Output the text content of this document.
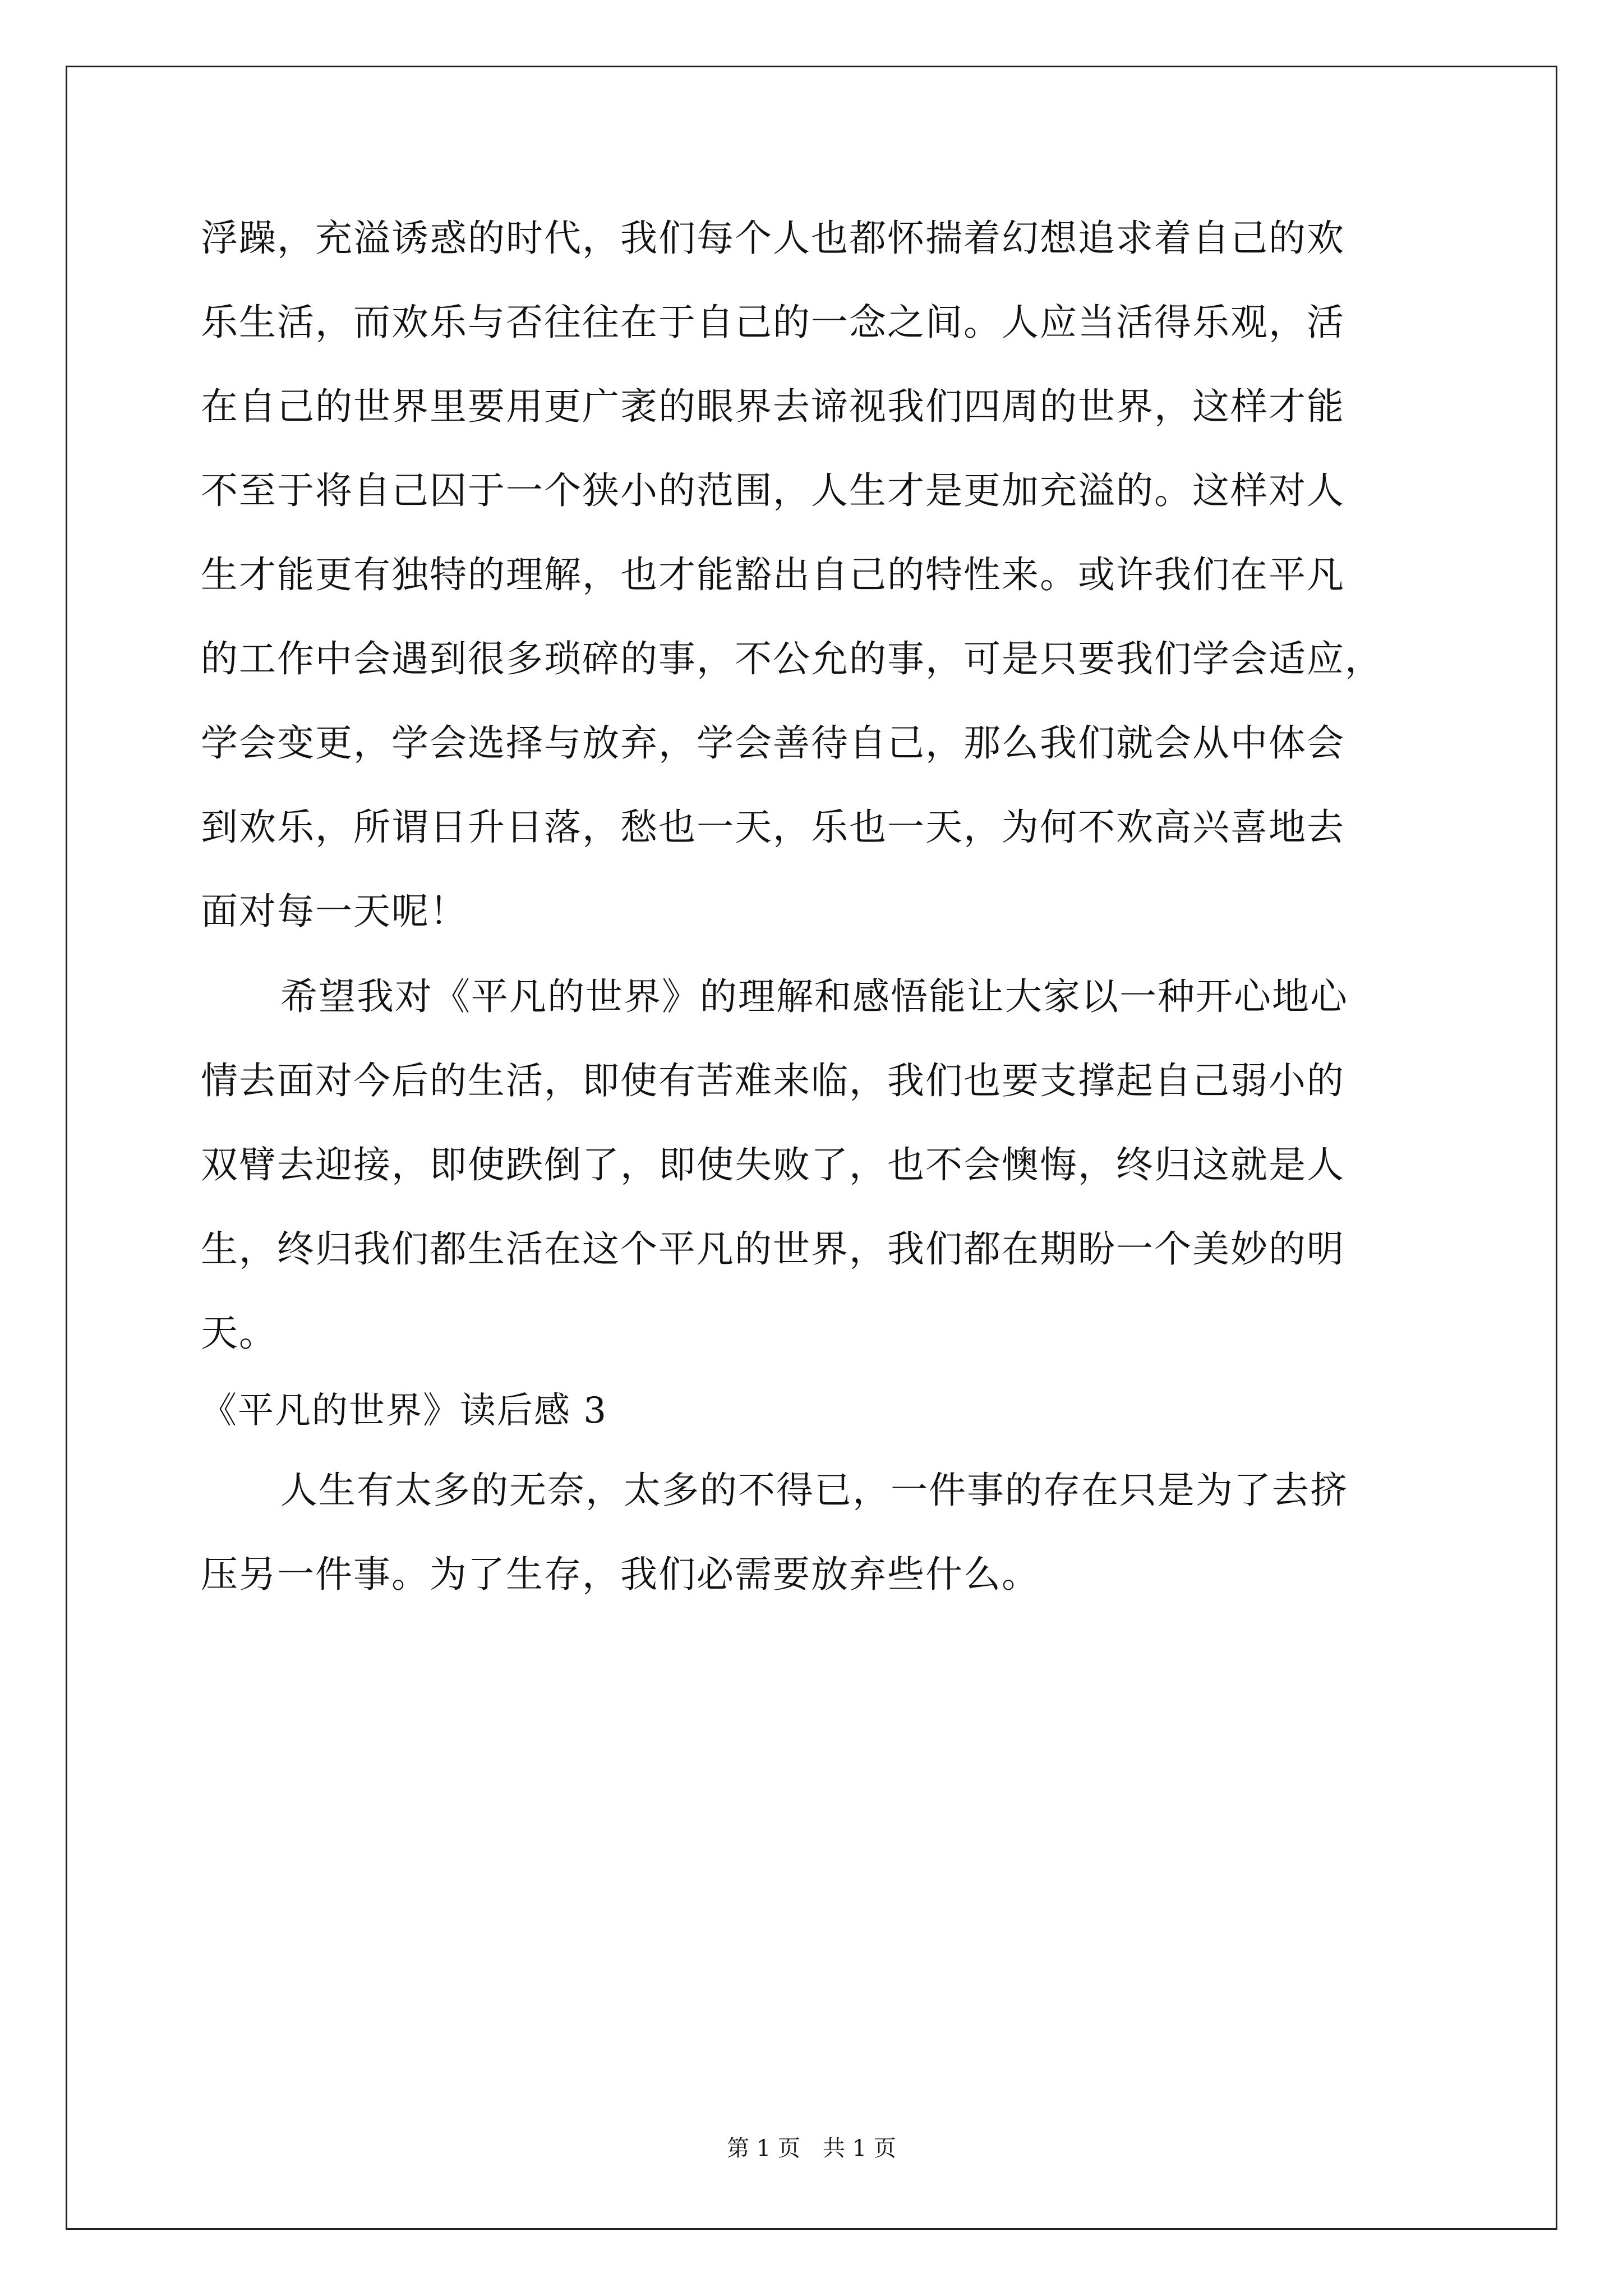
浮躁，充溢诱惑的时代，我们每个人也都怀揣着幻想追求着自己的欢
乐生活，而欢乐与否往往在于自己的一念之间。人应当活得乐观，活
在自己的世界里要用更广袤的眼界去谛视我们四周的世界，这样才能
不至于将自己囚于一个狭小的范围，人生才是更加充溢的。这样对人
生才能更有独特的理解，也才能豁出自己的特性来。或许我们在平凡
的工作中会遇到很多琐碎的事，不公允的事，可是只要我们学会适应，
学会变更，学会选择与放弃，学会善待自己，那么我们就会从中体会
到欢乐，所谓日升日落，愁也一天，乐也一天，为何不欢高兴喜地去
面对每一天呢！
希望我对《平凡的世界》的理解和感悟能让大家以一种开心地心
情去面对今后的生活，即使有苦难来临，我们也要支撑起自己弱小的
双臂去迎接，即使跌倒了，即使失败了，也不会懊悔，终归这就是人
生，终归我们都生活在这个平凡的世界，我们都在期盼一个美妙的明
天。
《平凡的世界》读后感 3
人生有太多的无奈，太多的不得已，一件事的存在只是为了去挤
压另一件事。为了生存，我们必需要放弃些什么。
第 1 页　共 1 页
